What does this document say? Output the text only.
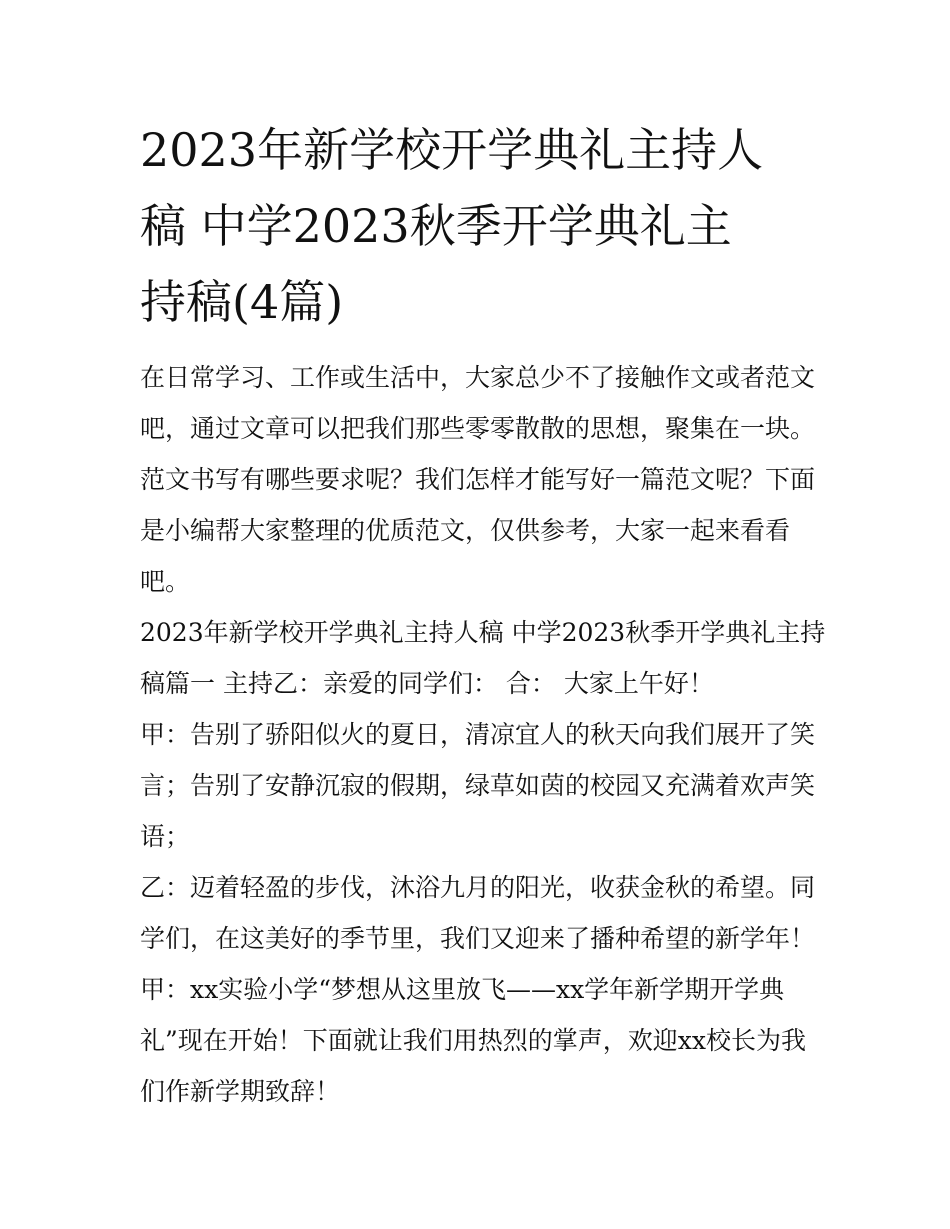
2023年新学校开学典礼主持人
稿 中学2023秋季开学典礼主
持稿(4篇)
在日常学习、工作或生活中，大家总少不了接触作文或者范文
吧，通过文章可以把我们那些零零散散的思想，聚集在一块。
范文书写有哪些要求呢？我们怎样才能写好一篇范文呢？下面
是小编帮大家整理的优质范文，仅供参考，大家一起来看看
吧。
2023年新学校开学典礼主持人稿 中学2023秋季开学典礼主持
稿篇一 主持乙：亲爱的同学们： 合： 大家上午好！
甲：告别了骄阳似火的夏日，清凉宜人的秋天向我们展开了笑
言；告别了安静沉寂的假期，绿草如茵的校园又充满着欢声笑
语；
乙：迈着轻盈的步伐，沐浴九月的阳光，收获金秋的希望。同
学们，在这美好的季节里，我们又迎来了播种希望的新学年！
甲：xx实验小学“梦想从这里放飞——xx学年新学期开学典
礼”现在开始！下面就让我们用热烈的掌声，欢迎xx校长为我
们作新学期致辞！
